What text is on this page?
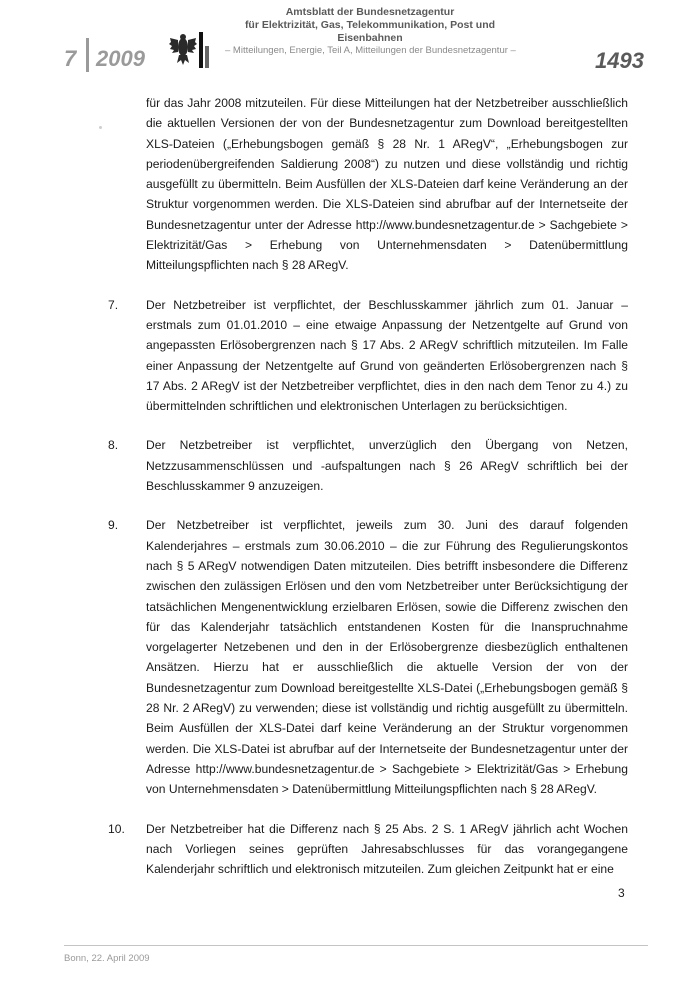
7 2009
Amtsblatt der Bundesnetzagentur
für Elektrizität, Gas, Telekommunikation, Post und Eisenbahnen
– Mitteilungen, Energie, Teil A, Mitteilungen der Bundesnetzagentur –	1493

für das Jahr 2008 mitzuteilen. Für diese Mitteilungen hat der Netzbetreiber ausschließlich die aktuellen Versionen der von der Bundesnetzagentur zum Download bereitgestellten XLS-Dateien („Erhebungsbogen gemäß § 28 Nr. 1 ARegV“, „Erhebungsbogen zur periodenübergreifenden Saldierung 2008“) zu nutzen und diese vollständig und richtig ausgefüllt zu übermitteln. Beim Ausfüllen der XLS-Dateien darf keine Veränderung an der Struktur vorgenommen werden. Die XLS-Dateien sind abrufbar auf der Internetseite der Bundesnetzagentur unter der Adresse http://www.bundesnetzagentur.de > Sachgebiete > Elektrizität/Gas > Erhebung von Unternehmensdaten > Datenübermittlung Mitteilungspflichten nach § 28 ARegV.

7. Der Netzbetreiber ist verpflichtet, der Beschlusskammer jährlich zum 01. Januar – erstmals zum 01.01.2010 – eine etwaige Anpassung der Netzentgelte auf Grund von angepassten Erlösobergrenzen nach § 17 Abs. 2 ARegV schriftlich mitzuteilen. Im Falle einer Anpassung der Netzentgelte auf Grund von geänderten Erlösobergrenzen nach § 17 Abs. 2 ARegV ist der Netzbetreiber verpflichtet, dies in den nach dem Tenor zu 4.) zu übermittelnden schriftlichen und elektronischen Unterlagen zu berücksichtigen.
8. Der Netzbetreiber ist verpflichtet, unverzüglich den Übergang von Netzen, Netzzusammenschlüssen und -aufspaltungen nach § 26 ARegV schriftlich bei der Beschlusskammer 9 anzuzeigen.
9. Der Netzbetreiber ist verpflichtet, jeweils zum 30. Juni des darauf folgenden Kalenderjahres – erstmals zum 30.06.2010 – die zur Führung des Regulierungskontos nach § 5 ARegV notwendigen Daten mitzuteilen. Dies betrifft insbesondere die Differenz zwischen den zulässigen Erlösen und den vom Netzbetreiber unter Berücksichtigung der tatsächlichen Mengenentwicklung erzielbaren Erlösen, sowie die Differenz zwischen den für das Kalenderjahr tatsächlich entstandenen Kosten für die Inanspruchnahme vorgelagerter Netzebenen und den in der Erlösobergrenze diesbezüglich enthaltenen Ansätzen. Hierzu hat er ausschließlich die aktuelle Version der von der Bundesnetzagentur zum Download bereitgestellte XLS-Datei („Erhebungsbogen gemäß § 28 Nr. 2 ARegV) zu verwenden; diese ist vollständig und richtig ausgefüllt zu übermitteln. Beim Ausfüllen der XLS-Datei darf keine Veränderung an der Struktur vorgenommen werden. Die XLS-Datei ist abrufbar auf der Internetseite der Bundesnetzagentur unter der Adresse http://www.bundesnetzagentur.de > Sachgebiete > Elektrizität/Gas > Erhebung von Unternehmensdaten > Datenübermittlung Mitteilungspflichten nach § 28 ARegV.
10. Der Netzbetreiber hat die Differenz nach § 25 Abs. 2 S. 1 ARegV jährlich acht Wochen nach Vorliegen seines geprüften Jahresabschlusses für das vorangegangene Kalenderjahr schriftlich und elektronisch mitzuteilen. Zum gleichen Zeitpunkt hat er eine
3
Bonn, 22. April 2009
